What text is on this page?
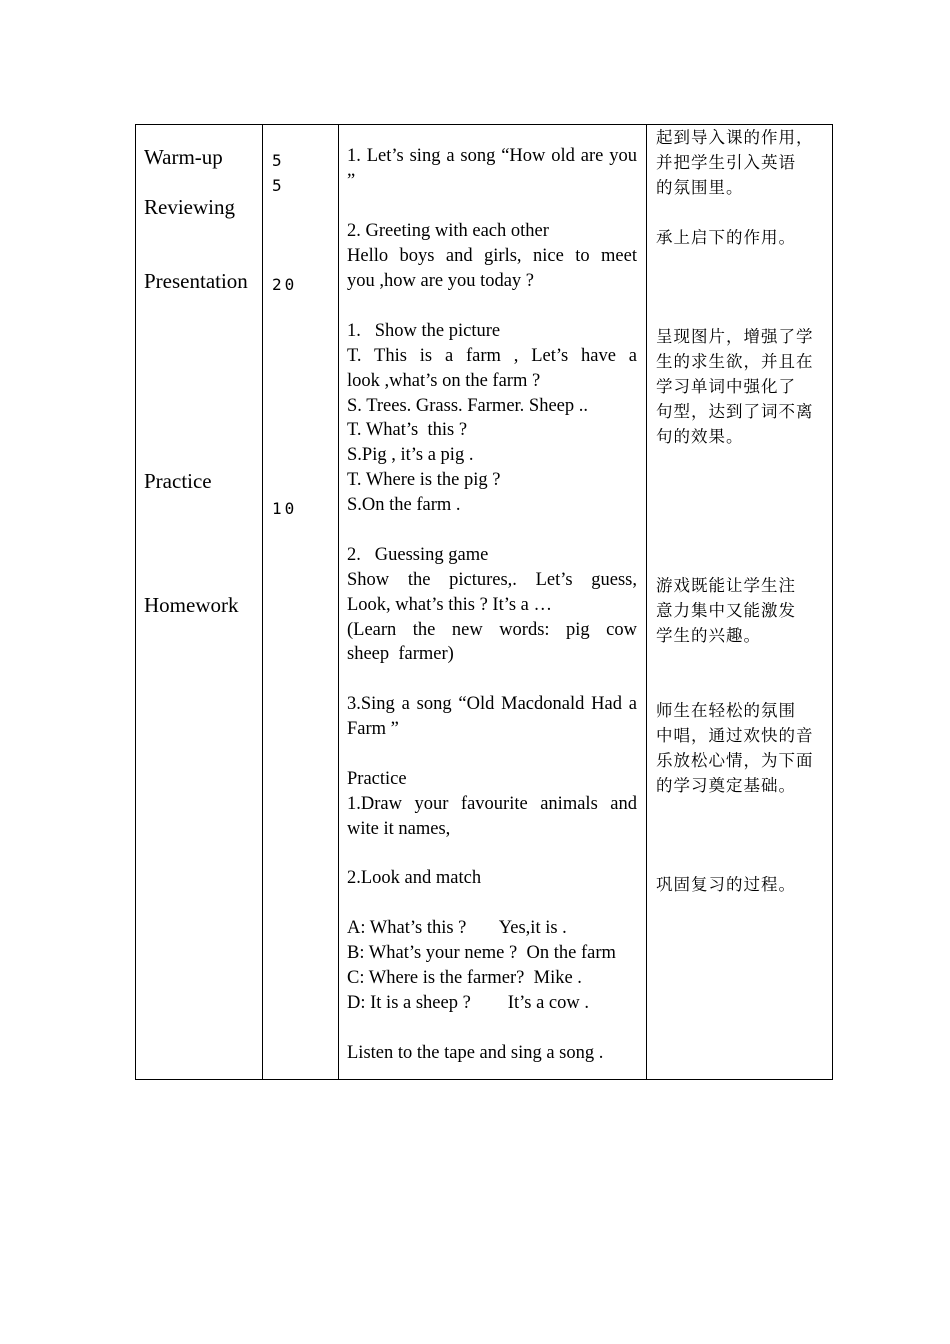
Warm-up
Reviewing
Presentation
Practice
Homework
5
5
20
10
1. Let’s sing a song “How old are you
”
2. Greeting with each other
Hello boys and girls, nice to meet
you ,how are you today ?
1.   Show the picture
T. This is a farm , Let’s have a
look ,what’s on the farm ?
S. Trees. Grass. Farmer. Sheep ..
T. What’s  this ?
S.Pig , it’s a pig .
T. Where is the pig ?
S.On the farm .
2.   Guessing game
Show the pictures,. Let’s guess,
Look, what’s this ? It’s a …
(Learn the new words: pig cow
sheep  farmer)
3.Sing a song “Old Macdonald Had a
Farm ”
Practice
1.Draw your favourite animals and
wite it names,
2.Look and match
A: What’s this ?       Yes,it is .
B: What’s your neme ?  On the farm
C: Where is the farmer?  Mike .
D: It is a sheep ?        It’s a cow .
Listen to the tape and sing a song .
起到导入课的作用，
并把学生引入英语
的氛围里。
承上启下的作用。
呈现图片，增强了学
生的求生欲，并且在
学习单词中强化了
句型，达到了词不离
句的效果。
游戏既能让学生注
意力集中又能激发
学生的兴趣。
师生在轻松的氛围
中唱，通过欢快的音
乐放松心情，为下面
的学习奠定基础。
巩固复习的过程。
